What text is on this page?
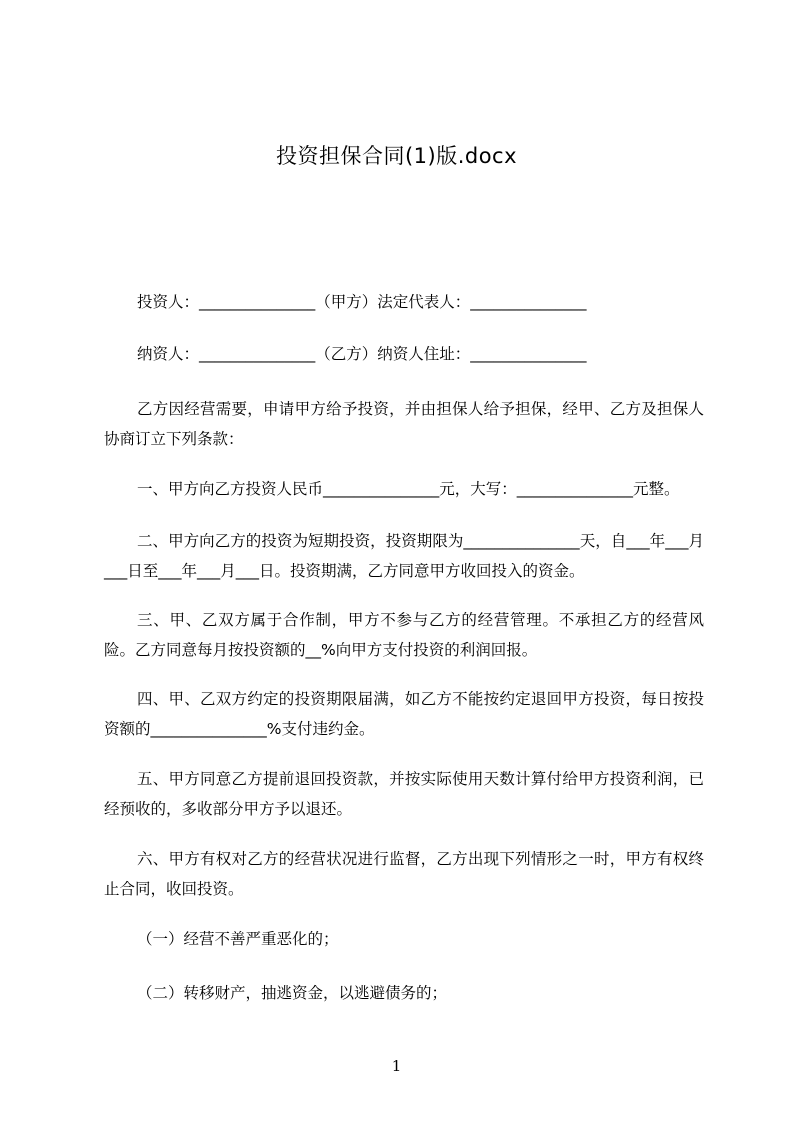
投资担保合同(1)版.docx

投资人：_______________（甲方）法定代表人：_______________

纳资人：_______________（乙方）纳资人住址：_______________

乙方因经营需要，申请甲方给予投资，并由担保人给予担保，经甲、乙方及担保人协商订立下列条款：

一、甲方向乙方投资人民币_______________元，大写：_______________元整。

二、甲方向乙方的投资为短期投资，投资期限为_______________天，自___年___月___日至___年___月___日。投资期满，乙方同意甲方收回投入的资金。

三、甲、乙双方属于合作制，甲方不参与乙方的经营管理。不承担乙方的经营风险。乙方同意每月按投资额的__%向甲方支付投资的利润回报。

四、甲、乙双方约定的投资期限届满，如乙方不能按约定退回甲方投资，每日按投资额的_______________%支付违约金。

五、甲方同意乙方提前退回投资款，并按实际使用天数计算付给甲方投资利润，已经预收的，多收部分甲方予以退还。

六、甲方有权对乙方的经营状况进行监督，乙方出现下列情形之一时，甲方有权终止合同，收回投资。

（一）经营不善严重恶化的；

（二）转移财产，抽逃资金，以逃避债务的；

1
